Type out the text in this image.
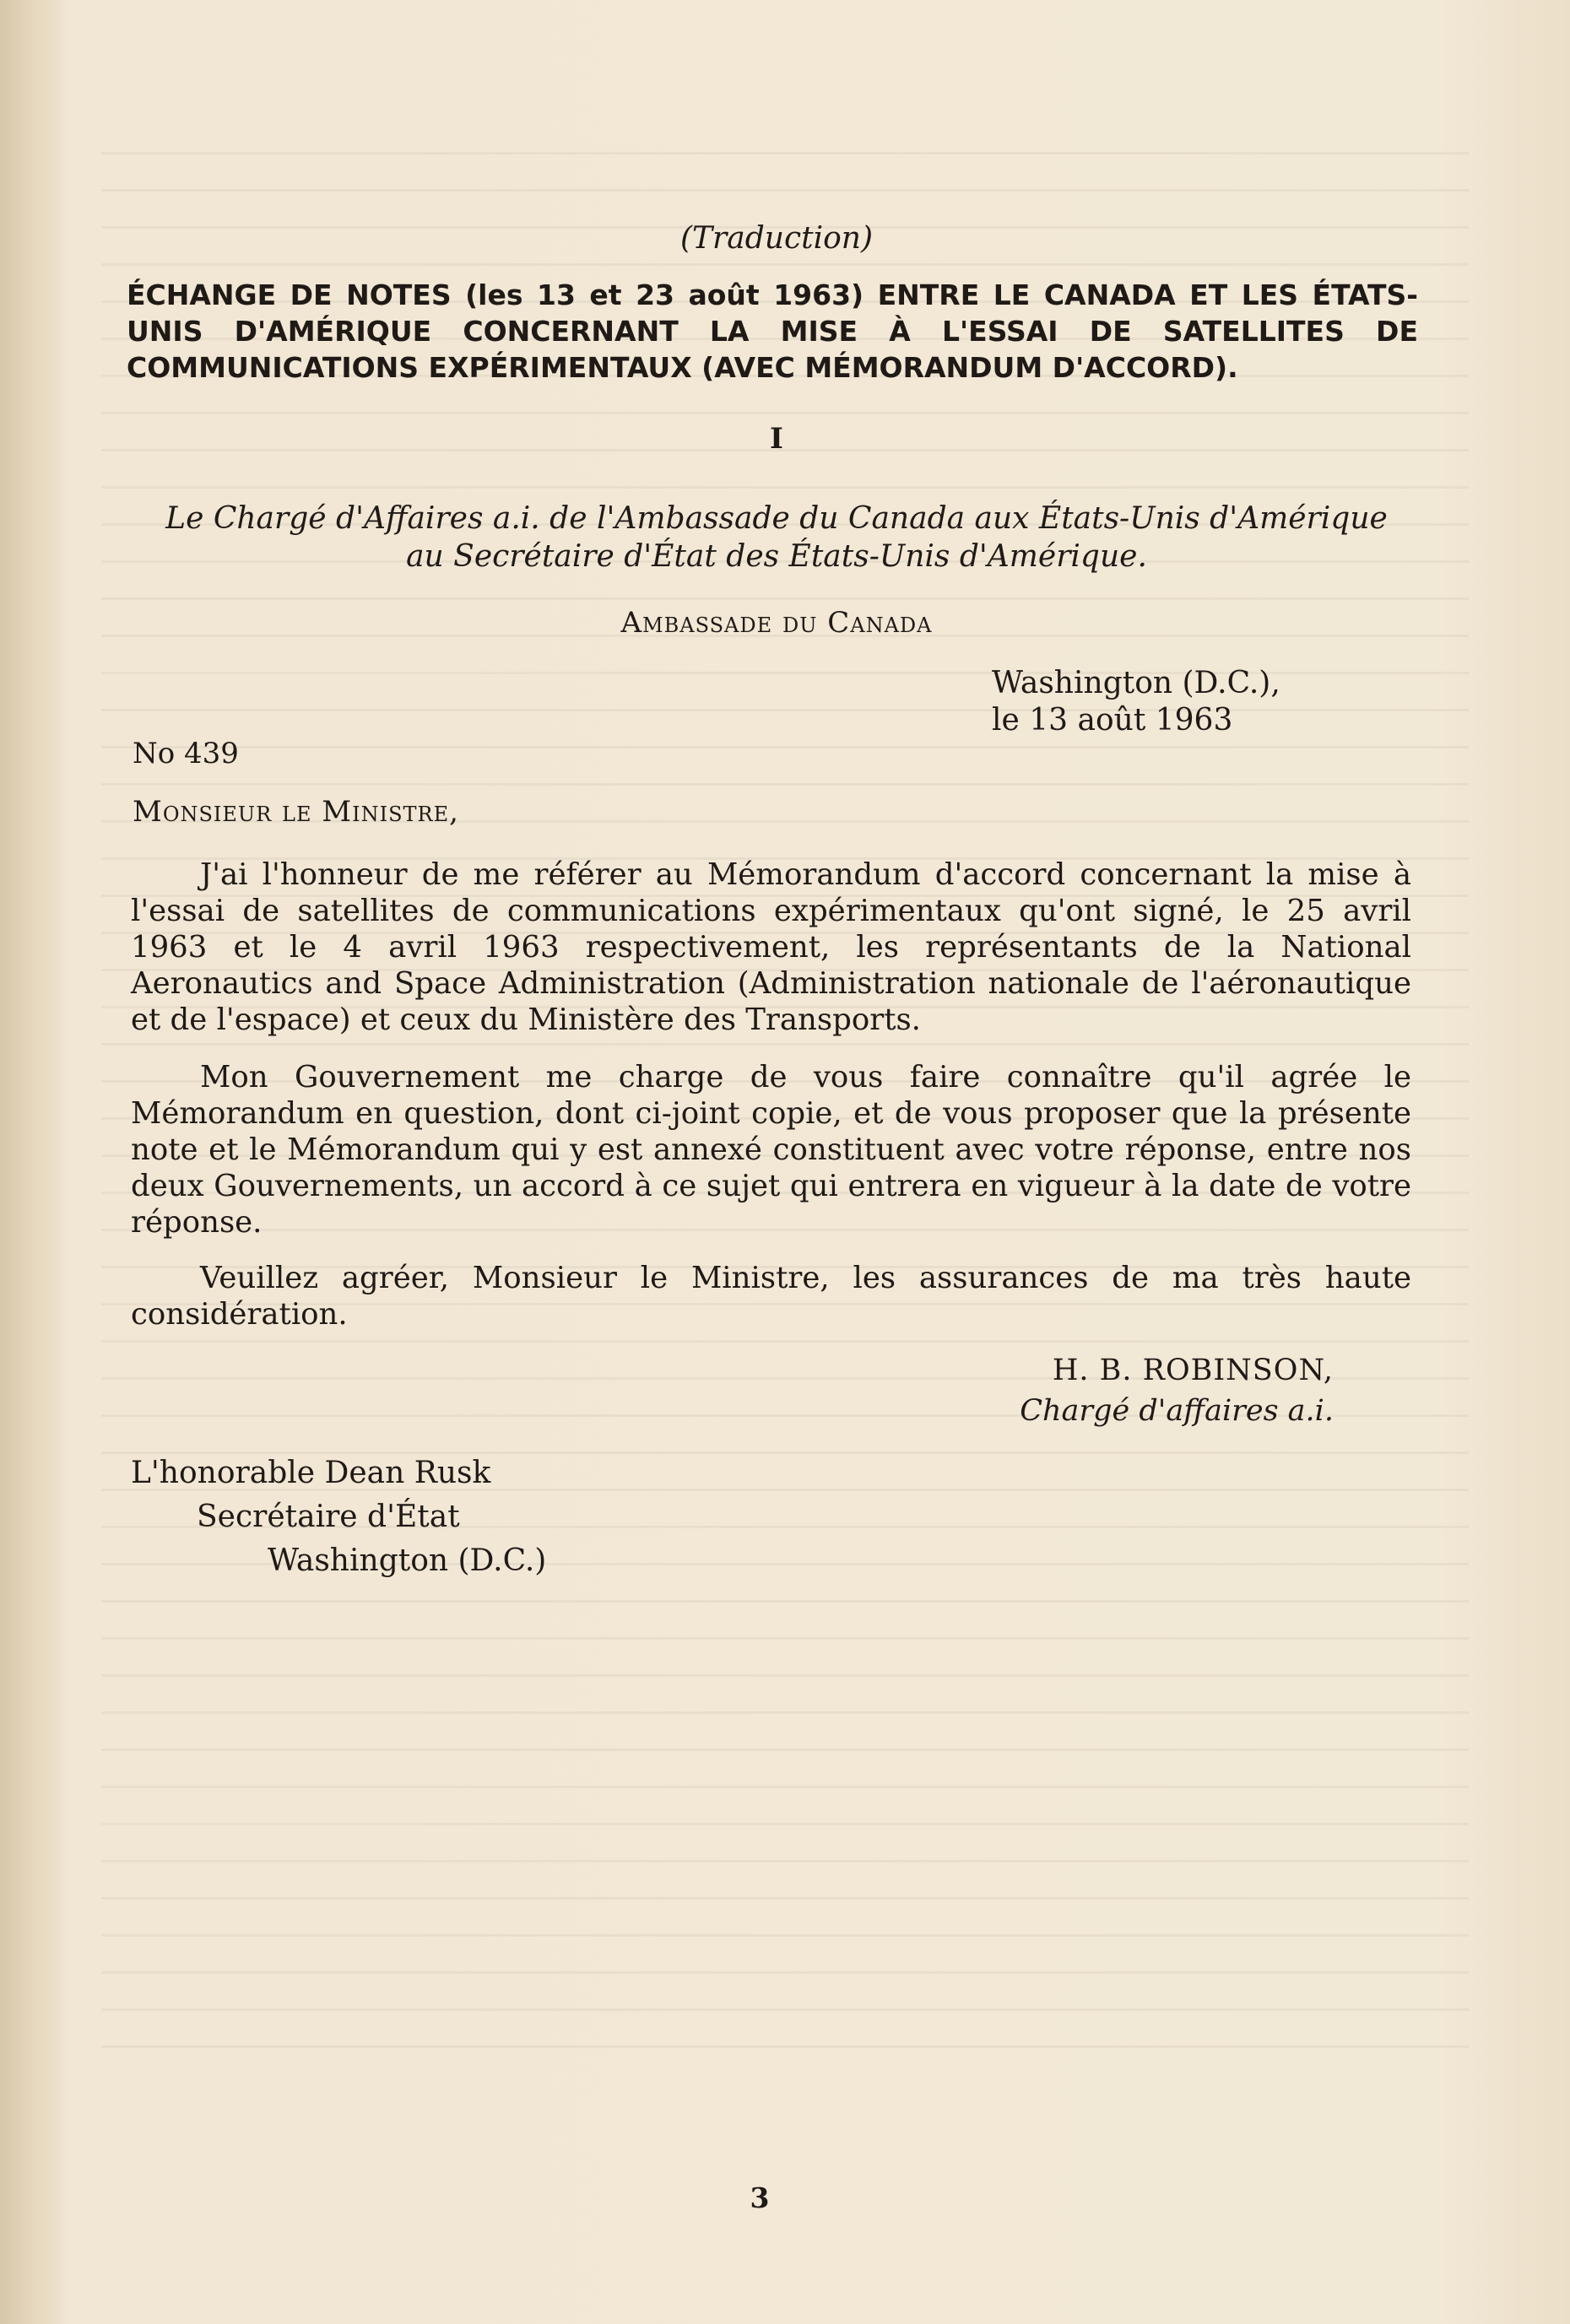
(Traduction)

ÉCHANGE DE NOTES (les 13 et 23 août 1963) ENTRE LE CANADA ET LES ÉTATS-UNIS D'AMÉRIQUE CONCERNANT LA MISE À L'ESSAI DE SATELLITES DE COMMUNICATIONS EXPÉRIMENTAUX (AVEC MÉMORANDUM D'ACCORD).

I

Le Chargé d'Affaires a.i. de l'Ambassade du Canada aux États-Unis d'Amérique
au Secrétaire d'État des États-Unis d'Amérique.

Ambassade du Canada

Washington (D.C.),
le 13 août 1963

No 439

Monsieur le Ministre,

J'ai l'honneur de me référer au Mémorandum d'accord concernant la mise à l'essai de satellites de communications expérimentaux qu'ont signé, le 25 avril 1963 et le 4 avril 1963 respectivement, les représentants de la National Aeronautics and Space Administration (Administration nationale de l'aéronautique et de l'espace) et ceux du Ministère des Transports.

Mon Gouvernement me charge de vous faire connaître qu'il agrée le Mémorandum en question, dont ci-joint copie, et de vous proposer que la présente note et le Mémorandum qui y est annexé constituent avec votre réponse, entre nos deux Gouvernements, un accord à ce sujet qui entrera en vigueur à la date de votre réponse.

Veuillez agréer, Monsieur le Ministre, les assurances de ma très haute considération.

H. B. ROBINSON,
Chargé d'affaires a.i.
L'honorable Dean Rusk
Secrétaire d'État
Washington (D.C.)

3
